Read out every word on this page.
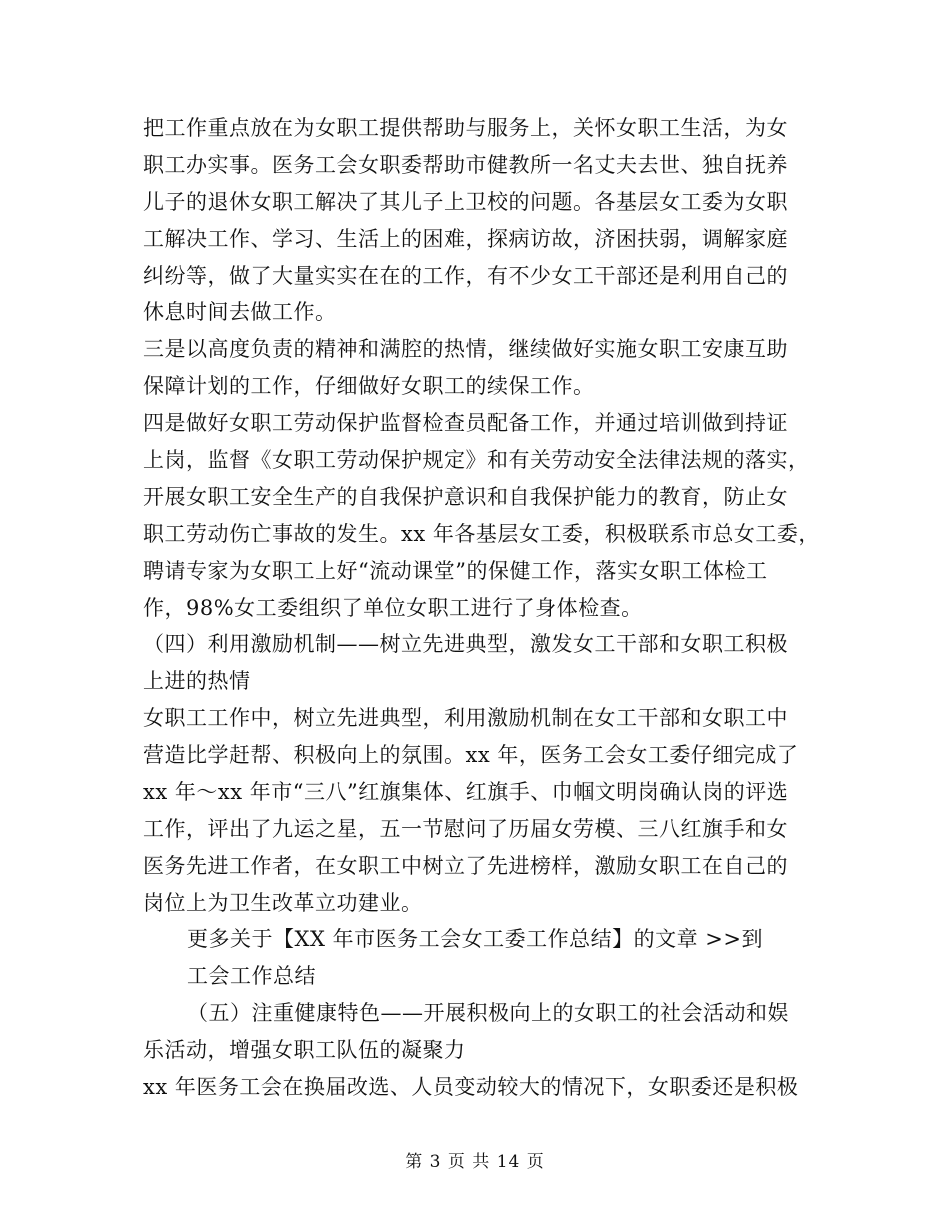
把工作重点放在为女职工提供帮助与服务上，关怀女职工生活，为女
职工办实事。医务工会女职委帮助市健教所一名丈夫去世、独自抚养
儿子的退休女职工解决了其儿子上卫校的问题。各基层女工委为女职
工解决工作、学习、生活上的困难，探病访故，济困扶弱，调解家庭
纠纷等，做了大量实实在在的工作，有不少女工干部还是利用自己的
休息时间去做工作。
三是以高度负责的精神和满腔的热情，继续做好实施女职工安康互助
保障计划的工作，仔细做好女职工的续保工作。
四是做好女职工劳动保护监督检查员配备工作，并通过培训做到持证
上岗，监督《女职工劳动保护规定》和有关劳动安全法律法规的落实，
开展女职工安全生产的自我保护意识和自我保护能力的教育，防止女
职工劳动伤亡事故的发生。xx 年各基层女工委，积极联系市总女工委，
聘请专家为女职工上好“流动课堂”的保健工作，落实女职工体检工
作，98%女工委组织了单位女职工进行了身体检查。
（四）利用激励机制——树立先进典型，激发女工干部和女职工积极
上进的热情
女职工工作中，树立先进典型，利用激励机制在女工干部和女职工中
营造比学赶帮、积极向上的氛围。xx 年，医务工会女工委仔细完成了
xx 年～xx 年市“三八”红旗集体、红旗手、巾帼文明岗确认岗的评选
工作，评出了九运之星，五一节慰问了历届女劳模、三八红旗手和女
医务先进工作者，在女职工中树立了先进榜样，激励女职工在自己的
岗位上为卫生改革立功建业。
更多关于【XX 年市医务工会女工委工作总结】的文章 >>到
工会工作总结
（五）注重健康特色——开展积极向上的女职工的社会活动和娱
乐活动，增强女职工队伍的凝聚力
xx 年医务工会在换届改选、人员变动较大的情况下，女职委还是积极
第 3 页 共 14 页
